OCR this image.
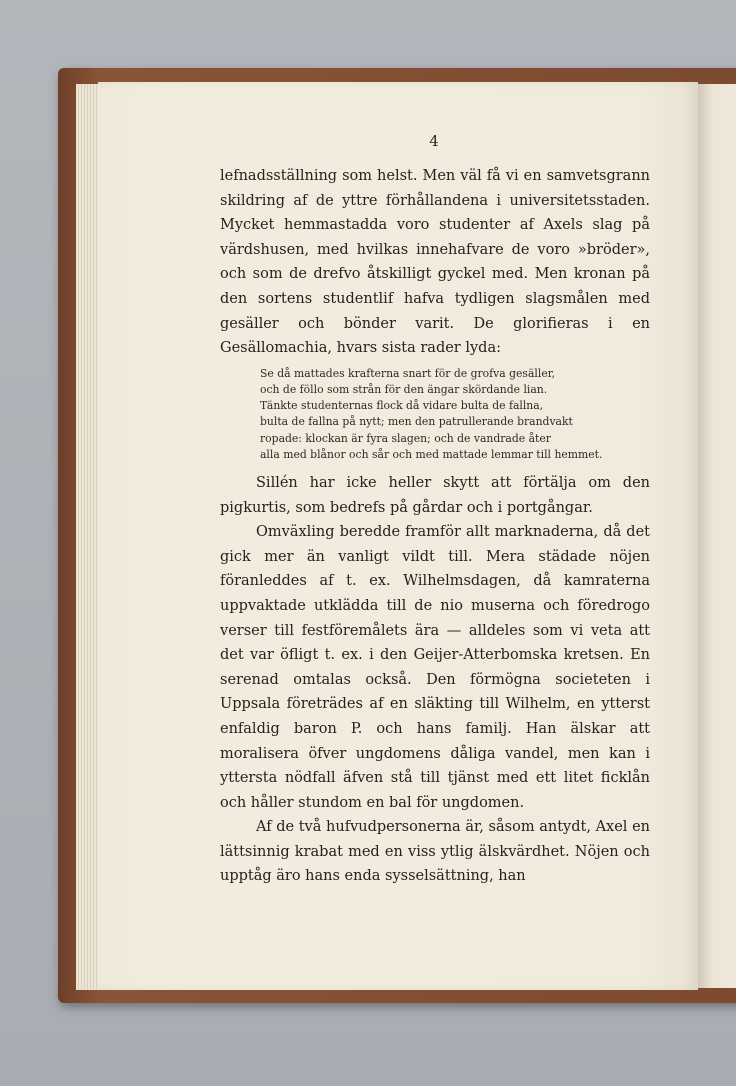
4

lefnadsställning som helst. Men väl få vi en samvetsgrann skildring af de yttre förhållandena i universitetsstaden. Mycket hemmastadda voro studenter af Axels slag på värdshusen, med hvilkas innehafvare de voro »bröder», och som de drefvo åtskilligt gyckel med. Men kronan på den sortens studentlif hafva tydligen slagsmålen med gesäller och bönder varit. De glorifieras i en Gesällomachia, hvars sista rader lyda:

Se då mattades krafterna snart för de grofva gesäller,
och de föllo som strån för den ängar skördande lian.
Tänkte studenternas flock då vidare bulta de fallna,
bulta de fallna på nytt; men den patrullerande brandvakt
ropade: klockan är fyra slagen; och de vandrade åter
alla med blånor och sår och med mattade lemmar till hemmet.

Sillén har icke heller skytt att förtälja om den pigkurtis, som bedrefs på gårdar och i portgångar.

Omväxling beredde framför allt marknaderna, då det gick mer än vanligt vildt till. Mera städade nöjen föranleddes af t. ex. Wilhelmsdagen, då kamraterna uppvaktade utklädda till de nio muserna och föredrogo verser till festföremålets ära — alldeles som vi veta att det var öfligt t. ex. i den Geijer-Atterbomska kretsen. En serenad omtalas också. Den förmögna societeten i Uppsala företrädes af en släkting till Wilhelm, en ytterst enfaldig baron P. och hans familj. Han älskar att moralisera öfver ungdomens dåliga vandel, men kan i yttersta nödfall äfven stå till tjänst med ett litet ficklån och håller stundom en bal för ungdomen.

Af de två hufvudpersonerna är, såsom antydt, Axel en lättsinnig krabat med en viss ytlig älskvärdhet. Nöjen och upptåg äro hans enda sysselsättning, han
